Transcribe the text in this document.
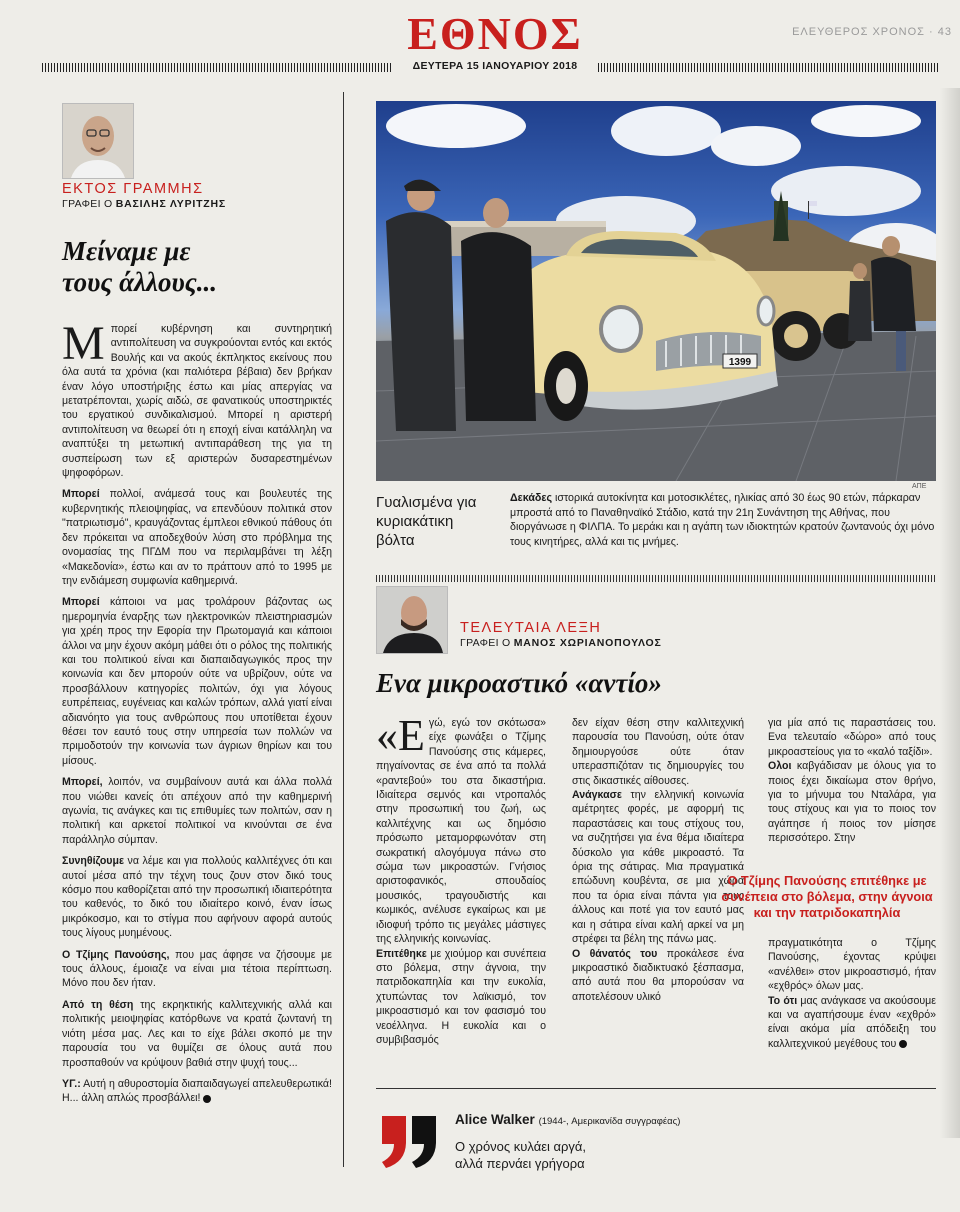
ΕΛΕΥΘΕΡΟΣ ΧΡΟΝΟΣ · 43
ΕΘΝΟΣ
ΔΕΥΤΕΡΑ 15 ΙΑΝΟΥΑΡΙΟΥ 2018
ΕΚΤΟΣ ΓΡΑΜΜΗΣ
ΓΡΑΦΕΙ Ο ΒΑΣΙΛΗΣ ΛΥΡΙΤΖΗΣ
Μείναμε με
τους άλλους...

Μπορεί κυβέρνηση και συντηρητική αντιπολίτευση να συγκρούονται εντός και εκτός Βουλής και να ακούς έκπληκτος εκείνους που όλα αυτά τα χρόνια (και παλιότερα βέβαια) δεν βρήκαν έναν λόγο υποστήριξης έστω και μίας απεργίας να μετατρέπονται, χωρίς αιδώ, σε φανατικούς υποστηρικτές του εργατικού συνδικαλισμού. Μπορεί η αριστερή αντιπολίτευση να θεωρεί ότι η εποχή είναι κατάλληλη να αναπτύξει τη μετωπική αντιπαράθεση της για τη συσπείρωση των εξ αριστερών δυσαρεστημένων ψηφοφόρων.

Μπορεί πολλοί, ανάμεσά τους και βουλευτές της κυβερνητικής πλειοψηφίας, να επενδύουν πολιτικά στον "πατριωτισμό", κραυγάζοντας έμπλεοι εθνικού πάθους ότι δεν πρόκειται να αποδεχθούν λύση στο πρόβλημα της ονομασίας της ΠΓΔΜ που να περιλαμβάνει τη λέξη «Μακεδονία», έστω και αν το πράττουν από το 1995 με την ενδιάμεση συμφωνία καθημερινά.

Μπορεί κάποιοι να μας τρολάρουν βάζοντας ως ημερομηνία έναρξης των ηλεκτρονικών πλειστηριασμών για χρέη προς την Εφορία την Πρωτομαγιά και κάποιοι άλλοι να μην έχουν ακόμη μάθει ότι ο ρόλος της πολιτικής και του πολιτικού είναι και διαπαιδαγωγικός προς την κοινωνία και δεν μπορούν ούτε να υβρίζουν, ούτε να προσβάλλουν κατηγορίες πολιτών, όχι για λόγους ευπρέπειας, ευγένειας και καλών τρόπων, αλλά γιατί είναι αδιανόητο για τους ανθρώπους που υποτίθεται έχουν θέσει τον εαυτό τους στην υπηρεσία των πολλών να πριμοδοτούν την κοινωνία των άγριων θηρίων και του μίσους.

Μπορεί, λοιπόν, να συμβαίνουν αυτά και άλλα πολλά που νιώθει κανείς ότι απέχουν από την καθημερινή αγωνία, τις ανάγκες και τις επιθυμίες των πολιτών, σαν η πολιτική και αρκετοί πολιτικοί να κινούνται σε ένα παράλληλο σύμπαν.

Συνηθίζουμε να λέμε και για πολλούς καλλιτέχνες ότι και αυτοί μέσα από την τέχνη τους ζουν στον δικό τους κόσμο που καθορίζεται από την προσωπική ιδιαιτερότητα του καθενός, το δικό του ιδιαίτερο κοινό, έναν ίσως μικρόκοσμο, και το στίγμα που αφήνουν αφορά αυτούς τους λίγους μυημένους.

Ο Τζίμης Πανούσης, που μας άφησε να ζήσουμε με τους άλλους, έμοιαζε να είναι μια τέτοια περίπτωση. Μόνο που δεν ήταν.

Από τη θέση της εκρηκτικής καλλιτεχνικής αλλά και πολιτικής μειοψηφίας κατόρθωνε να κρατά ζωντανή τη νιότη μέσα μας. Λες και το είχε βάλει σκοπό με την παρουσία του να θυμίζει σε όλους αυτά που προσπαθούν να κρύψουν βαθιά στην ψυχή τους...

ΥΓ.: Αυτή η αθυροστομία διαπαιδαγωγεί απελευθερωτικά! Η... άλλη απλώς προσβάλλει!

1399
ΑΠΕ
Γυαλισμένα για κυριακάτικη βόλτα
Δεκάδες ιστορικά αυτοκίνητα και μοτοσικλέτες, ηλικίας από 30 έως 90 ετών, πάρκαραν μπροστά από το Παναθηναϊκό Στάδιο, κατά την 21η Συνάντηση της Αθήνας, που διοργάνωσε η ΦΙΛΠΑ. Το μεράκι και η αγάπη των ιδιοκτητών κρατούν ζωντανούς όχι μόνο τους κινητήρες, αλλά και τις μνήμες.
ΤΕΛΕΥΤΑΙΑ ΛΕΞΗ
ΓΡΑΦΕΙ Ο ΜΑΝΟΣ ΧΩΡΙΑΝΟΠΟΥΛΟΣ
Ενα μικροαστικό «αντίο»
«Εγώ, εγώ τον σκότωσα» είχε φωνάξει ο Τζίμης Πανούσης στις κάμερες, πηγαίνοντας σε ένα από τα πολλά «ραντεβού» του στα δικαστήρια. Ιδιαίτερα σεμνός και ντροπαλός στην προσωπική του ζωή, ως καλλιτέχνης και ως δημόσιο πρόσωπο μεταμορφωνόταν στη σωκρατική αλογόμυγα πάνω στο σώμα των μικροαστών. Γνήσιος αριστοφανικός, σπουδαίος μουσικός, τραγουδιστής και κωμικός, ανέλυσε εγκαίρως και με ιδιοφυή τρόπο τις μεγάλες μάστιγες της ελληνικής κοινωνίας.
Επιτέθηκε με χιούμορ και συνέπεια στο βόλεμα, στην άγνοια, την πατριδοκαπηλία και την ευκολία, χτυπώντας τον λαϊκισμό, τον μικροαστισμό και τον φασισμό του νεοέλληνα. Η ευκολία και ο συμβιβασμός
δεν είχαν θέση στην καλλιτεχνική παρουσία του Πανούση, ούτε όταν δημιουργούσε ούτε όταν υπερασπιζόταν τις δημιουργίες του στις δικαστικές αίθουσες.
Ανάγκασε την ελληνική κοινωνία αμέτρητες φορές, με αφορμή τις παραστάσεις και τους στίχους του, να συζητήσει για ένα θέμα ιδιαίτερα δύσκολο για κάθε μικροαστό. Τα όρια της σάτιρας. Μια πραγματικά επώδυνη κουβέντα, σε μια χώρα που τα όρια είναι πάντα για τους άλλους και ποτέ για τον εαυτό μας και η σάτιρα είναι καλή αρκεί να μη στρέφει τα βέλη της πάνω μας.
Ο θάνατός του προκάλεσε ένα μικροαστικό διαδικτυακό ξέσπασμα, από αυτά που θα μπορούσαν να αποτελέσουν υλικό
για μία από τις παραστάσεις του. Ενα τελευταίο «δώρο» από τους μικροαστείους για το «καλό ταξίδι».
Ολοι καβγάδισαν με όλους για το ποιος έχει δικαίωμα στον θρήνο, για το μήνυμα του Νταλάρα, για τους στίχους και για το ποιος τον αγάπησε ή ποιος τον μίσησε περισσότερο. Στην
Ο Τζίμης Πανούσης επιτέθηκε με συνέπεια στο βόλεμα, στην άγνοια και την πατριδοκαπηλία
πραγματικότητα ο Τζίμης Πανούσης, έχοντας κρύψει «ανέλθει» στον μικροαστισμό, ήταν «εχθρός» όλων μας.
Το ότι μας ανάγκασε να ακούσουμε και να αγαπήσουμε έναν «εχθρό» είναι ακόμα μία απόδειξη του καλλιτεχνικού μεγέθους του
Alice Walker (1944-, Αμερικανίδα συγγραφέας)
Ο χρόνος κυλάει αργά,
αλλά περνάει γρήγορα
